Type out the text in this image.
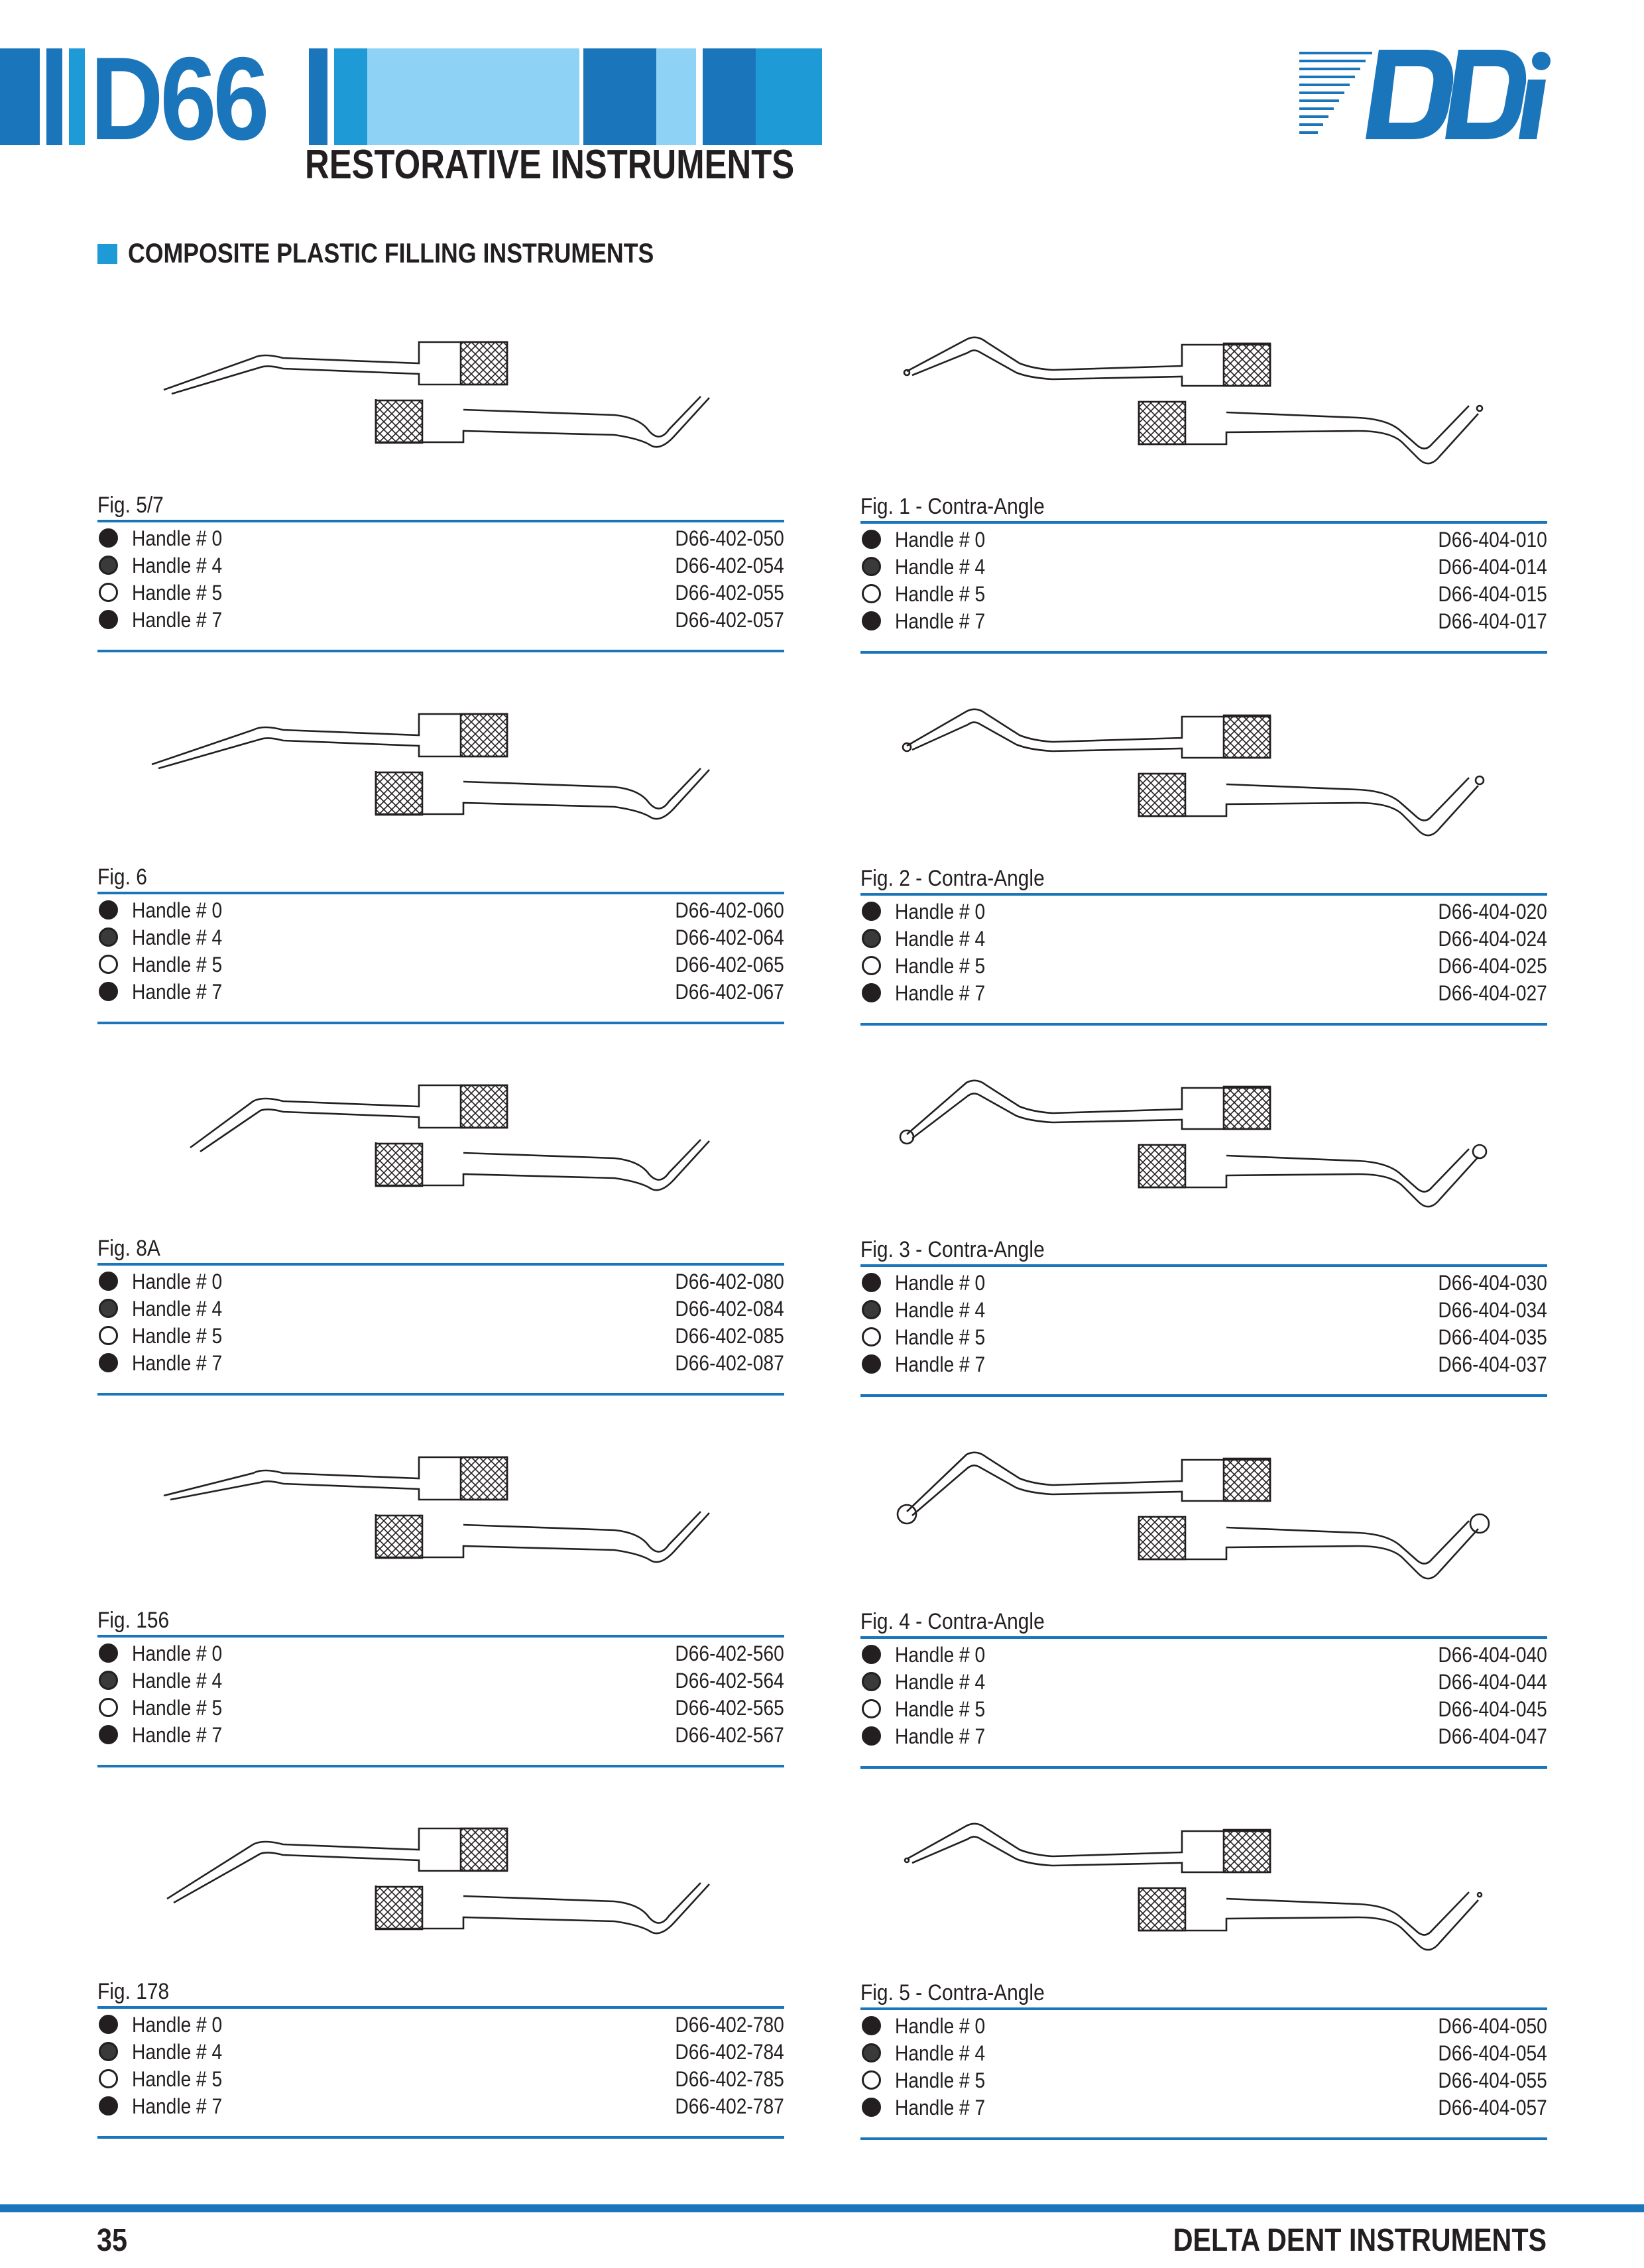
D66
RESTORATIVE INSTRUMENTS
COMPOSITE PLASTIC FILLING INSTRUMENTS
Fig. 5/7
Handle # 0	D66-402-050
Handle # 4	D66-402-054
Handle # 5	D66-402-055
Handle # 7	D66-402-057
Fig. 6
Handle # 0	D66-402-060
Handle # 4	D66-402-064
Handle # 5	D66-402-065
Handle # 7	D66-402-067
Fig. 8A
Handle # 0	D66-402-080
Handle # 4	D66-402-084
Handle # 5	D66-402-085
Handle # 7	D66-402-087
Fig. 156
Handle # 0	D66-402-560
Handle # 4	D66-402-564
Handle # 5	D66-402-565
Handle # 7	D66-402-567
Fig. 178
Handle # 0	D66-402-780
Handle # 4	D66-402-784
Handle # 5	D66-402-785
Handle # 7	D66-402-787
Fig. 1 - Contra-Angle
Handle # 0	D66-404-010
Handle # 4	D66-404-014
Handle # 5	D66-404-015
Handle # 7	D66-404-017
Fig. 2 - Contra-Angle
Handle # 0	D66-404-020
Handle # 4	D66-404-024
Handle # 5	D66-404-025
Handle # 7	D66-404-027
Fig. 3 - Contra-Angle
Handle # 0	D66-404-030
Handle # 4	D66-404-034
Handle # 5	D66-404-035
Handle # 7	D66-404-037
Fig. 4 - Contra-Angle
Handle # 0	D66-404-040
Handle # 4	D66-404-044
Handle # 5	D66-404-045
Handle # 7	D66-404-047
Fig. 5 - Contra-Angle
Handle # 0	D66-404-050
Handle # 4	D66-404-054
Handle # 5	D66-404-055
Handle # 7	D66-404-057
35	DELTA DENT INSTRUMENTS
